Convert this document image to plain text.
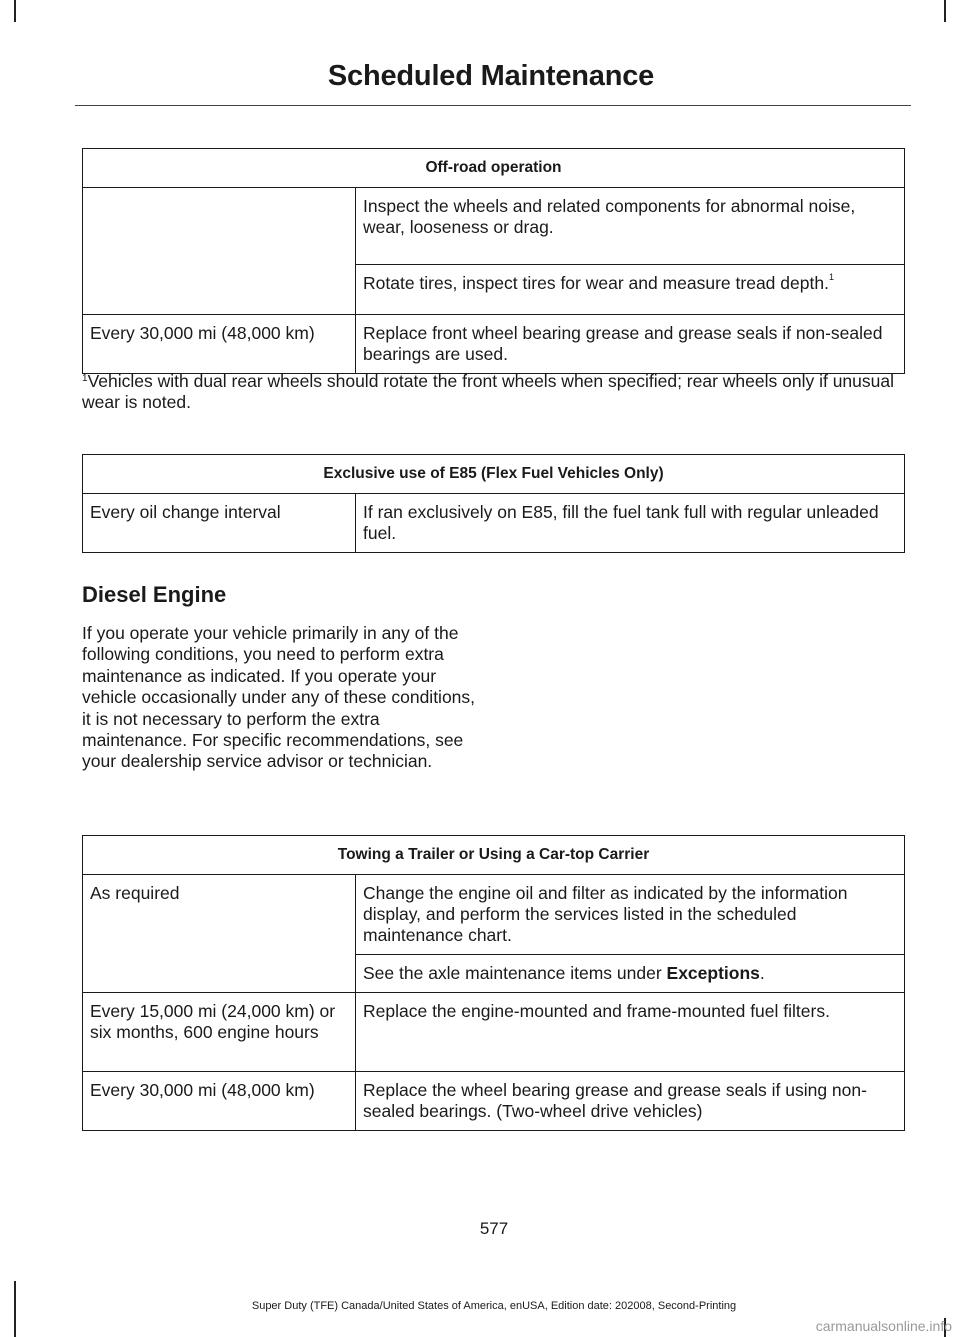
Scheduled Maintenance
Off-road operation	
	Inspect the wheels and related components for abnormal noise, wear, looseness or drag.
	Rotate tires, inspect tires for wear and measure tread depth.$^1$
Every 30,000 mi (48,000 km)	Replace front wheel bearing grease and grease seals if non-sealed bearings are used.
$^1$Vehicles with dual rear wheels should rotate the front wheels when specified; rear wheels only if unusual wear is noted.
Exclusive use of E85 (Flex Fuel Vehicles Only)
Every oil change interval	If ran exclusively on E85, fill the fuel tank full with regular unleaded fuel.
Diesel Engine
If you operate your vehicle primarily in any of the following conditions, you need to perform extra maintenance as indicated. If you operate your vehicle occasionally under any of these conditions, it is not necessary to perform the extra maintenance. For specific recommendations, see your dealership service advisor or technician.
Towing a Trailer or Using a Car-top Carrier	
As required	Change the engine oil and filter as indicated by the information display, and perform the services listed in the scheduled maintenance chart.
	See the axle maintenance items under Exceptions.
Every 15,000 mi (24,000 km) or six months, 600 engine hours	Replace the engine-mounted and frame-mounted fuel filters.
Every 30,000 mi (48,000 km)	Replace the wheel bearing grease and grease seals if using non-sealed bearings. (Two-wheel drive vehicles)
577
Super Duty (TFE) Canada/United States of America, enUSA, Edition date: 202008, Second-Printing
carmanualsonline.info
